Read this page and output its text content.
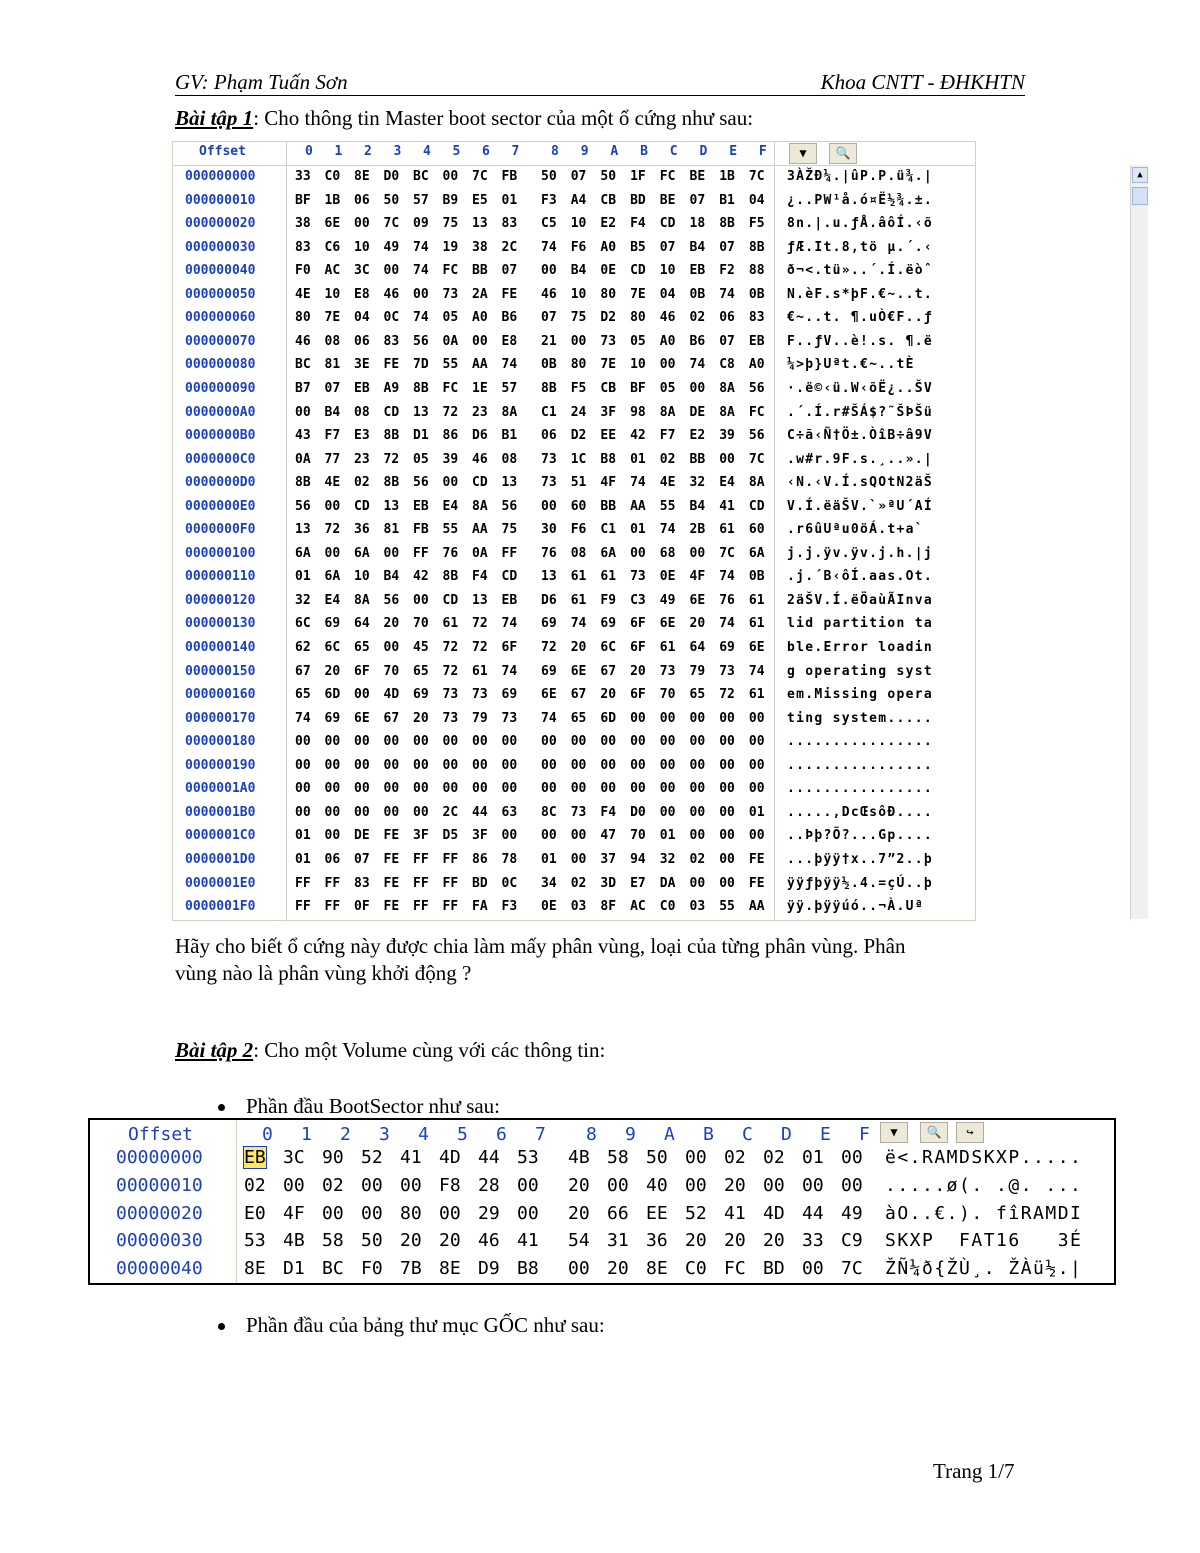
GV: Phạm Tuấn Sơn	Khoa CNTT - ĐHKHTN
Bài tập 1: Cho thông tin Master boot sector của một ổ cứng như sau:
Offset	0 1 2 3 4 5 6 7 8 9 A B C D E F	▼	🔍
000000000	33 C0 8E D0 BC 00 7C FB 50 07 50 1F FC BE 1B 7C 3ÀŽÐ¼.|ûP.P.ü¾.|
000000010	BF 1B 06 50 57 B9 E5 01 F3 A4 CB BD BE 07 B1 04 ¿..PW¹å.ó¤Ë½¾.±.
000000020	38 6E 00 7C 09 75 13 83 C5 10 E2 F4 CD 18 8B F5 8n.|.u.ƒÅ.âôÍ.‹õ
000000030	83 C6 10 49 74 19 38 2C 74 F6 A0 B5 07 B4 07 8B ƒÆ.It.8,tö µ.´.‹
000000040	F0 AC 3C 00 74 FC BB 07 00 B4 0E CD 10 EB F2 88 ð¬<.tü»..´.Í.ëòˆ
000000050	4E 10 E8 46 00 73 2A FE 46 10 80 7E 04 0B 74 0B N.èF.s*þF.€~..t.
000000060	80 7E 04 0C 74 05 A0 B6 07 75 D2 80 46 02 06 83 €~..t. ¶.uÒ€F..ƒ
000000070	46 08 06 83 56 0A 00 E8 21 00 73 05 A0 B6 07 EB F..ƒV..è!.s. ¶.ë
000000080	BC 81 3E FE 7D 55 AA 74 0B 80 7E 10 00 74 C8 A0 ¼>þ}Uªt.€~..tÈ
000000090	B7 07 EB A9 8B FC 1E 57 8B F5 CB BF 05 00 8A 56 ·.ë©‹ü.W‹õË¿..ŠV
0000000A0	00 B4 08 CD 13 72 23 8A C1 24 3F 98 8A DE 8A FC .´.Í.r#ŠÁ$?˜ŠÞŠü
0000000B0	43 F7 E3 8B D1 86 D6 B1 06 D2 EE 42 F7 E2 39 56 C÷ã‹Ñ†Ö±.ÒîB÷â9V
0000000C0	0A 77 23 72 05 39 46 08 73 1C B8 01 02 BB 00 7C .w#r.9F.s.¸..».|
0000000D0	8B 4E 02 8B 56 00 CD 13 73 51 4F 74 4E 32 E4 8A ‹N.‹V.Í.sQOtN2äŠ
0000000E0	56 00 CD 13 EB E4 8A 56 00 60 BB AA 55 B4 41 CD V.Í.ëäŠV.`»ªU´AÍ
0000000F0	13 72 36 81 FB 55 AA 75 30 F6 C1 01 74 2B 61 60 .r6ûUªu0öÁ.t+a`
000000100	6A 00 6A 00 FF 76 0A FF 76 08 6A 00 68 00 7C 6A j.j.ÿv.ÿv.j.h.|j
000000110	01 6A 10 B4 42 8B F4 CD 13 61 61 73 0E 4F 74 0B .j.´B‹ôÍ.aas.Ot.
000000120	32 E4 8A 56 00 CD 13 EB D6 61 F9 C3 49 6E 76 61 2äŠV.Í.ëÖaùÃInva
000000130	6C 69 64 20 70 61 72 74 69 74 69 6F 6E 20 74 61 lid partition ta
000000140	62 6C 65 00 45 72 72 6F 72 20 6C 6F 61 64 69 6E ble.Error loadin
000000150	67 20 6F 70 65 72 61 74 69 6E 67 20 73 79 73 74 g operating syst
000000160	65 6D 00 4D 69 73 73 69 6E 67 20 6F 70 65 72 61 em.Missing opera
000000170	74 69 6E 67 20 73 79 73 74 65 6D 00 00 00 00 00 ting system.....
000000180	00 00 00 00 00 00 00 00 00 00 00 00 00 00 00 00 ................
000000190	00 00 00 00 00 00 00 00 00 00 00 00 00 00 00 00 ................
0000001A0	00 00 00 00 00 00 00 00 00 00 00 00 00 00 00 00 ................
0000001B0	00 00 00 00 00 2C 44 63 8C 73 F4 D0 00 00 00 01 .....,DcŒsôÐ....
0000001C0	01 00 DE FE 3F D5 3F 00 00 00 47 70 01 00 00 00 ..Þþ?Õ?...Gp....
0000001D0	01 06 07 FE FF FF 86 78 01 00 37 94 32 02 00 FE ...þÿÿ†x..7”2..þ
0000001E0	FF FF 83 FE FF FF BD 0C 34 02 3D E7 DA 00 00 FE ÿÿƒþÿÿ½.4.=çÚ..þ
0000001F0	FF FF 0F FE FF FF FA F3 0E 03 8F AC C0 03 55 AA ÿÿ.þÿÿúó..¬À.Uª
▲
Hãy cho biết ổ cứng này được chia làm mấy phân vùng, loại của từng phân vùng. Phân
vùng nào là phân vùng khởi động ?
Bài tập 2: Cho một Volume cùng với các thông tin:
Phần đầu BootSector như sau:
Offset	0 1 2 3 4 5 6 7 8 9 A B C D E F	▼	🔍	↪
00000000 EB 3C 90 52 41 4D 44 53 4B 58 50 00 02 02 01 00 ë<.RAMDSKXP.....
00000010 02 00 02 00 00 F8 28 00 20 00 40 00 20 00 00 00 .....ø(. .@. ...
00000020 E0 4F 00 00 80 00 29 00 20 66 EE 52 41 4D 44 49 àO..€.). fîRAMDI
00000030 53 4B 58 50 20 20 46 41 54 31 36 20 20 20 33 C9 SKXP  FAT16   3É
00000040 8E D1 BC F0 7B 8E D9 B8 00 20 8E C0 FC BD 00 7C ŽÑ¼ð{ŽÙ¸. ŽÀü½.|
Phần đầu của bảng thư mục GỐC như sau:
Trang 1/7
